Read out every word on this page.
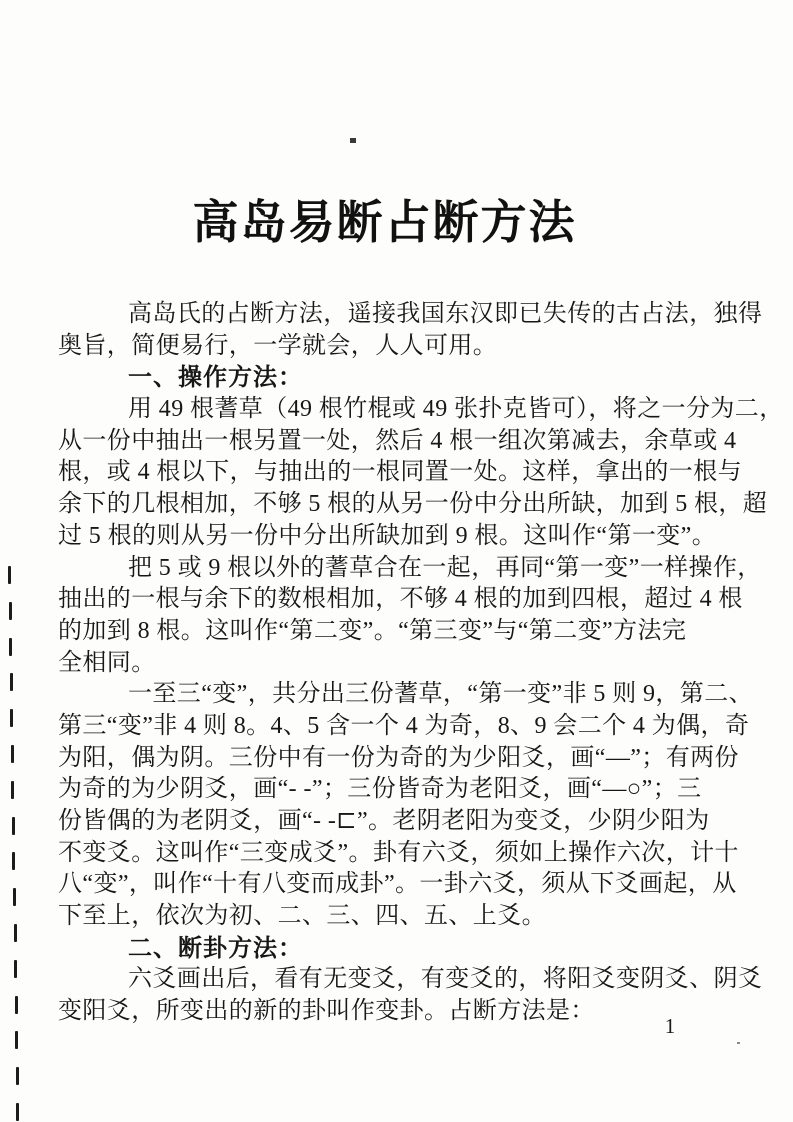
高岛易断占断方法
高岛氏的占断方法，遥接我国东汉即已失传的古占法，独得
奥旨，简便易行，一学就会，人人可用。
一、操作方法：
用 49 根蓍草（49 根竹棍或 49 张扑克皆可），将之一分为二，
从一份中抽出一根另置一处，然后 4 根一组次第减去，余草或 4
根，或 4 根以下，与抽出的一根同置一处。这样，拿出的一根与
余下的几根相加，不够 5 根的从另一份中分出所缺，加到 5 根，超
过 5 根的则从另一份中分出所缺加到 9 根。这叫作“第一变”。
把 5 或 9 根以外的蓍草合在一起，再同“第一变”一样操作，
抽出的一根与余下的数根相加，不够 4 根的加到四根，超过 4 根
的加到 8 根。这叫作“第二变”。“第三变”与“第二变”方法完
全相同。
一至三“变”，共分出三份蓍草，“第一变”非 5 则 9，第二、
第三“变”非 4 则 8。4、5 含一个 4 为奇，8、9 会二个 4 为偶，奇
为阳，偶为阴。三份中有一份为奇的为少阳爻，画“—”；有两份
为奇的为少阴爻，画“- -”；三份皆奇为老阳爻，画“—○”；三
份皆偶的为老阴爻，画“- -⊏”。老阴老阳为变爻，少阴少阳为
不变爻。这叫作“三变成爻”。卦有六爻，须如上操作六次，计十
八“变”，叫作“十有八变而成卦”。一卦六爻，须从下爻画起，从
下至上，依次为初、二、三、四、五、上爻。
二、断卦方法：
六爻画出后，看有无变爻，有变爻的，将阳爻变阴爻、阴爻
变阳爻，所变出的新的卦叫作变卦。占断方法是：
1
